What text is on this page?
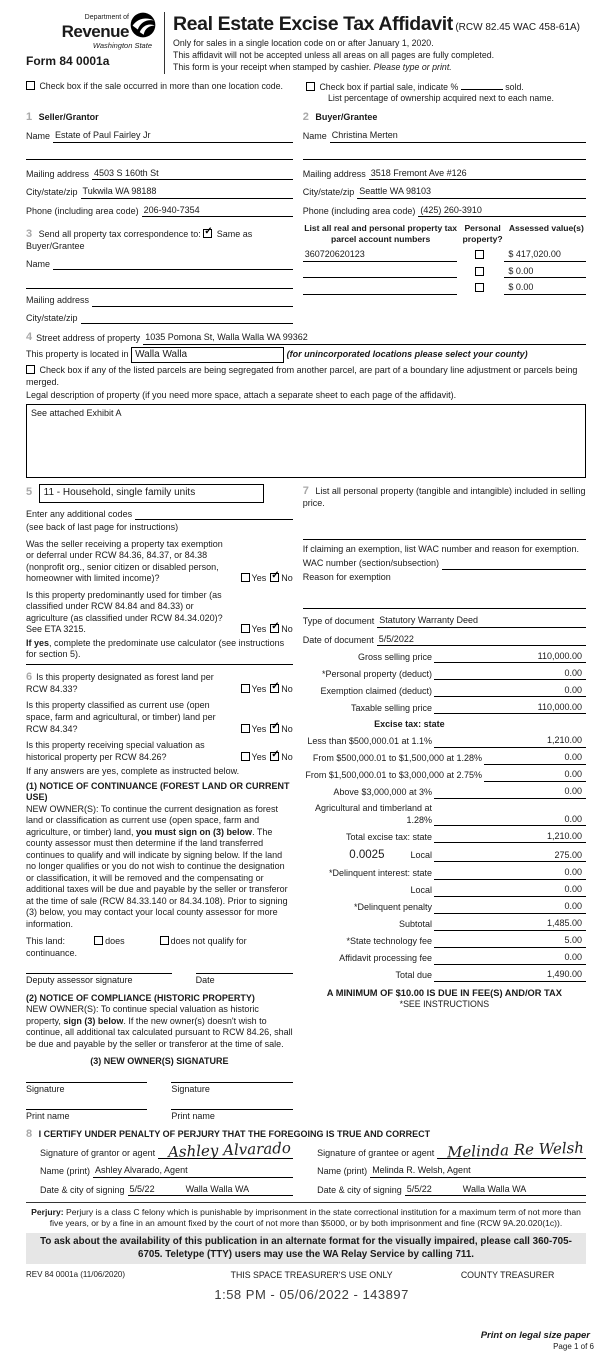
Department of
Revenue
Washington State
Form 84 0001a
Real Estate Excise Tax Affidavit (RCW 82.45 WAC 458-61A)
Only for sales in a single location code on or after January 1, 2020.
This affidavit will not be accepted unless all areas on all pages are fully completed.
This form is your receipt when stamped by cashier. Please type or print.
Check box if the sale occurred in more than one location code.	Check box if partial sale, indicate %	sold.
List percentage of ownership acquired next to each name.
1 Seller/Grantor
Name Estate of Paul Fairley Jr
Mailing address 4503 S 160th St
City/state/zip Tukwila WA 98188
Phone (including area code) 206-940-7354
3 Send all property tax correspondence to: ✓ Same as Buyer/Grantee
Name
Mailing address
City/state/zip
2 Buyer/Grantee
Name Christina Merten
Mailing address 3518 Fremont Ave #126
City/state/zip Seattle WA 98103
Phone (including area code) (425) 260-3910
List all real and personal property tax parcel account numbers
Personal property?
Assessed value(s)
360720620123	$ 417,020.00
$ 0.00
$ 0.00
4 Street address of property 1035 Pomona St, Walla Walla WA 99362
This property is located in Walla Walla	(for unincorporated locations please select your county)
Check box if any of the listed parcels are being segregated from another parcel, are part of a boundary line adjustment or parcels being merged.
Legal description of property (if you need more space, attach a separate sheet to each page of the affidavit).
See attached Exhibit A
5 11 - Household, single family units
Enter any additional codes
(see back of last page for instructions)
Was the seller receiving a property tax exemption or deferral under RCW 84.36, 84.37, or 84.38 (nonprofit org., senior citizen or disabled person, homeowner with limited income)?	Yes ✓ No
Is this property predominantly used for timber (as classified under RCW 84.84 and 84.33) or agriculture (as classified under RCW 84.34.020)? See ETA 3215.	Yes ✓ No
If yes, complete the predominate use calculator (see instructions for section 5).
6 Is this property designated as forest land per RCW 84.33?	Yes ✓ No
Is this property classified as current use (open space, farm and agricultural, or timber) land per RCW 84.34?	Yes ✓ No
Is this property receiving special valuation as historical property per RCW 84.26?	Yes ✓ No
If any answers are yes, complete as instructed below.
(1) NOTICE OF CONTINUANCE (FOREST LAND OR CURRENT USE)
NEW OWNER(S): To continue the current designation as forest land or classification as current use (open space, farm and agriculture, or timber) land, you must sign on (3) below. The county assessor must then determine if the land transferred continues to qualify and will indicate by signing below. If the land no longer qualifies or you do not wish to continue the designation or classification, it will be removed and the compensating or additional taxes will be due and payable by the seller or transferor at the time of sale (RCW 84.33.140 or 84.34.108). Prior to signing (3) below, you may contact your local county assessor for more information.
This land:	does	does not qualify for
continuance.
Deputy assessor signature	Date
(2) NOTICE OF COMPLIANCE (HISTORIC PROPERTY)
NEW OWNER(S): To continue special valuation as historic property, sign (3) below. If the new owner(s) doesn't wish to continue, all additional tax calculated pursuant to RCW 84.26, shall be due and payable by the seller or transferor at the time of sale.
(3) NEW OWNER(S) SIGNATURE
Signature	Signature
Print name	Print name
7 List all personal property (tangible and intangible) included in selling price.
If claiming an exemption, list WAC number and reason for exemption.
WAC number (section/subsection)
Reason for exemption
Type of document Statutory Warranty Deed
Date of document 5/5/2022
Gross selling price	110,000.00
*Personal property (deduct)	0.00
Exemption claimed (deduct)	0.00
Taxable selling price	110,000.00
Excise tax: state
Less than $500,000.01 at 1.1%	1,210.00
From $500,000.01 to $1,500,000 at 1.28%	0.00
From $1,500,000.01 to $3,000,000 at 2.75%	0.00
Above $3,000,000 at 3%	0.00
Agricultural and timberland at 1.28%	0.00
Total excise tax: state	1,210.00
0.0025	Local	275.00
*Delinquent interest: state	0.00
Local	0.00
*Delinquent penalty	0.00
Subtotal	1,485.00
*State technology fee	5.00
Affidavit processing fee	0.00
Total due	1,490.00
A MINIMUM OF $10.00 IS DUE IN FEE(S) AND/OR TAX
*SEE INSTRUCTIONS
8 I CERTIFY UNDER PENALTY OF PERJURY THAT THE FOREGOING IS TRUE AND CORRECT
Signature of grantor or agent Ashley Alvarado
Name (print) Ashley Alvarado, Agent
Date & city of signing 5/5/22	Walla Walla WA
Signature of grantee or agent Melinda Re Welsh
Name (print) Melinda R. Welsh, Agent
Date & city of signing 5/5/22	Walla Walla WA
Perjury: Perjury is a class C felony which is punishable by imprisonment in the state correctional institution for a maximum term of not more than five years, or by a fine in an amount fixed by the court of not more than $5000, or by both imprisonment and fine (RCW 9A.20.020(1c)).
To ask about the availability of this publication in an alternate format for the visually impaired, please call 360-705-6705. Teletype (TTY) users may use the WA Relay Service by calling 711.
REV 84 0001a (11/06/2020)	THIS SPACE TREASURER'S USE ONLY
1:58 PM - 05/06/2022 - 143897
COUNTY TREASURER
Print on legal size paper
Page 1 of 6
